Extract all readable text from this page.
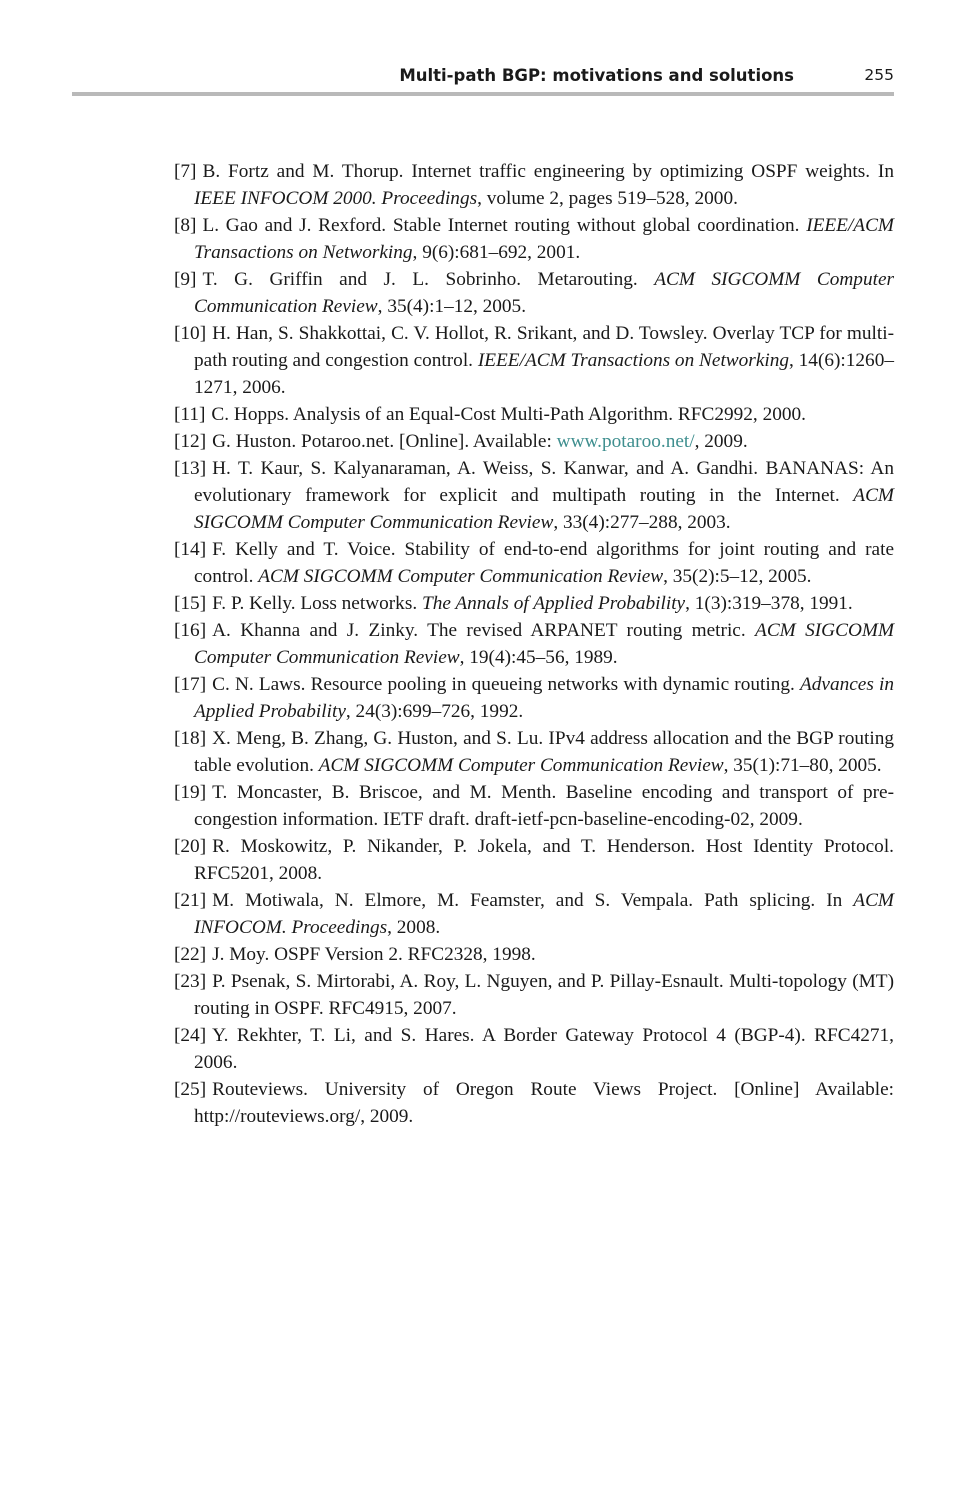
Multi-path BGP: motivations and solutions	255
[7] B. Fortz and M. Thorup. Internet traffic engineering by optimizing OSPF weights. In IEEE INFOCOM 2000. Proceedings, volume 2, pages 519–528, 2000.
[8] L. Gao and J. Rexford. Stable Internet routing without global coordination. IEEE/ACM Transactions on Networking, 9(6):681–692, 2001.
[9] T. G. Griffin and J. L. Sobrinho. Metarouting. ACM SIGCOMM Computer Communication Review, 35(4):1–12, 2005.
[10] H. Han, S. Shakkottai, C. V. Hollot, R. Srikant, and D. Towsley. Overlay TCP for multi-path routing and congestion control. IEEE/ACM Transactions on Networking, 14(6):1260–1271, 2006.
[11] C. Hopps. Analysis of an Equal-Cost Multi-Path Algorithm. RFC2992, 2000.
[12] G. Huston. Potaroo.net. [Online]. Available: www.potaroo.net/, 2009.
[13] H. T. Kaur, S. Kalyanaraman, A. Weiss, S. Kanwar, and A. Gandhi. BANANAS: An evolutionary framework for explicit and multipath routing in the Internet. ACM SIGCOMM Computer Communication Review, 33(4):277–288, 2003.
[14] F. Kelly and T. Voice. Stability of end-to-end algorithms for joint routing and rate control. ACM SIGCOMM Computer Communication Review, 35(2):5–12, 2005.
[15] F. P. Kelly. Loss networks. The Annals of Applied Probability, 1(3):319–378, 1991.
[16] A. Khanna and J. Zinky. The revised ARPANET routing metric. ACM SIGCOMM Computer Communication Review, 19(4):45–56, 1989.
[17] C. N. Laws. Resource pooling in queueing networks with dynamic routing. Advances in Applied Probability, 24(3):699–726, 1992.
[18] X. Meng, B. Zhang, G. Huston, and S. Lu. IPv4 address allocation and the BGP routing table evolution. ACM SIGCOMM Computer Communication Review, 35(1):71–80, 2005.
[19] T. Moncaster, B. Briscoe, and M. Menth. Baseline encoding and transport of pre-congestion information. IETF draft. draft-ietf-pcn-baseline-encoding-02, 2009.
[20] R. Moskowitz, P. Nikander, P. Jokela, and T. Henderson. Host Identity Protocol. RFC5201, 2008.
[21] M. Motiwala, N. Elmore, M. Feamster, and S. Vempala. Path splicing. In ACM INFOCOM. Proceedings, 2008.
[22] J. Moy. OSPF Version 2. RFC2328, 1998.
[23] P. Psenak, S. Mirtorabi, A. Roy, L. Nguyen, and P. Pillay-Esnault. Multi-topology (MT) routing in OSPF. RFC4915, 2007.
[24] Y. Rekhter, T. Li, and S. Hares. A Border Gateway Protocol 4 (BGP-4). RFC4271, 2006.
[25] Routeviews. University of Oregon Route Views Project. [Online] Available: http://routeviews.org/, 2009.
